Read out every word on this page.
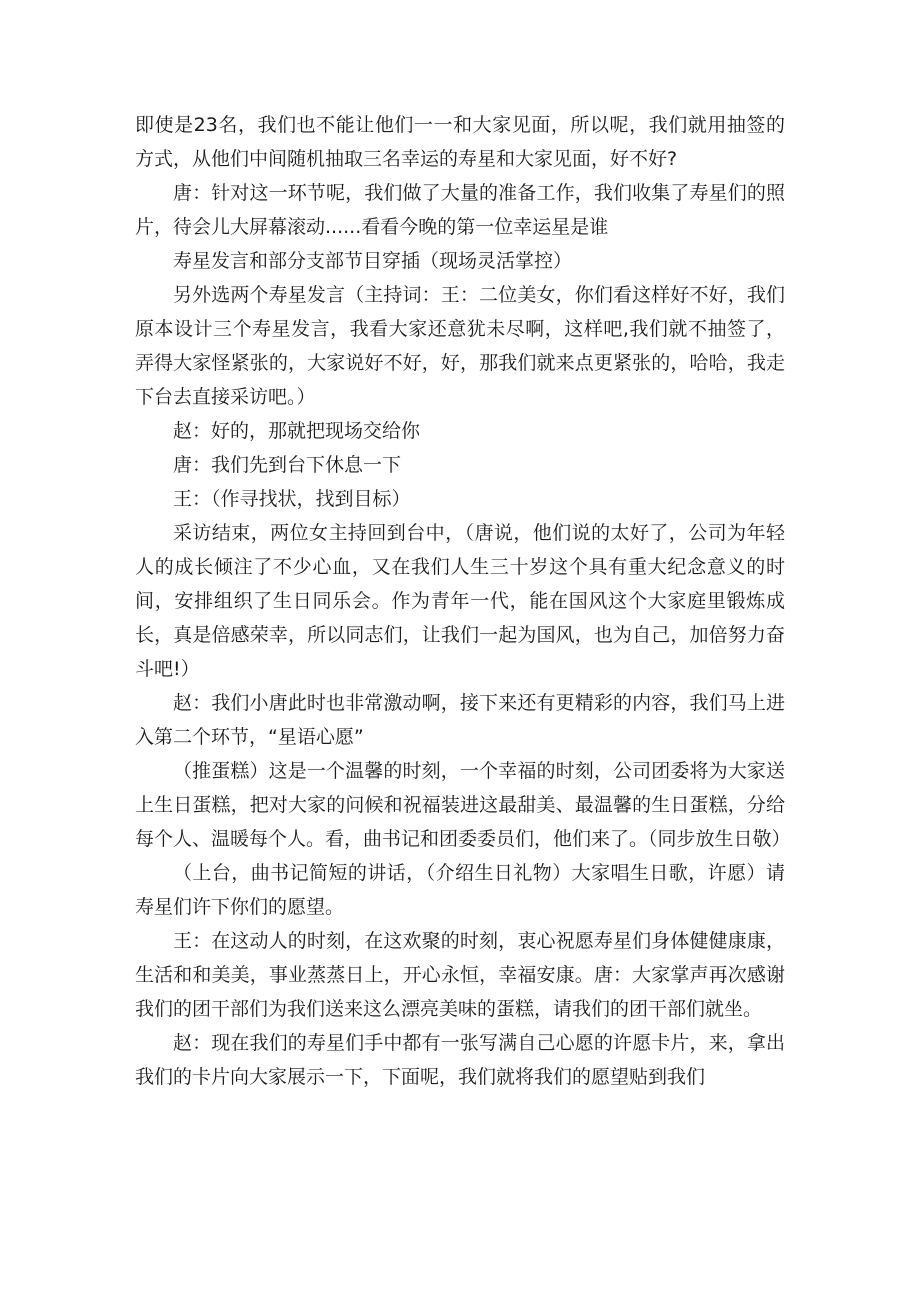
即使是23名，我们也不能让他们一一和大家见面，所以呢，我们就用抽签的方式，从他们中间随机抽取三名幸运的寿星和大家见面，好不好?

唐：针对这一环节呢，我们做了大量的准备工作，我们收集了寿星们的照片，待会儿大屏幕滚动......看看今晚的第一位幸运星是谁

寿星发言和部分支部节目穿插（现场灵活掌控）

另外选两个寿星发言（主持词：王：二位美女，你们看这样好不好，我们原本设计三个寿星发言，我看大家还意犹未尽啊，这样吧,我们就不抽签了，弄得大家怪紧张的，大家说好不好，好，那我们就来点更紧张的，哈哈，我走下台去直接采访吧。）

赵：好的，那就把现场交给你

唐：我们先到台下休息一下

王：（作寻找状，找到目标）

采访结束，两位女主持回到台中，（唐说，他们说的太好了，公司为年轻人的成长倾注了不少心血，又在我们人生三十岁这个具有重大纪念意义的时间，安排组织了生日同乐会。作为青年一代，能在国风这个大家庭里锻炼成长，真是倍感荣幸，所以同志们，让我们一起为国风，也为自己，加倍努力奋斗吧!）

赵：我们小唐此时也非常激动啊，接下来还有更精彩的内容，我们马上进入第二个环节，“星语心愿”

（推蛋糕）这是一个温馨的时刻，一个幸福的时刻，公司团委将为大家送上生日蛋糕，把对大家的问候和祝福装进这最甜美、最温馨的生日蛋糕，分给每个人、温暖每个人。看，曲书记和团委委员们，他们来了。（同步放生日敬）

（上台，曲书记简短的讲话，（介绍生日礼物）大家唱生日歌，许愿）请寿星们许下你们的愿望。

王：在这动人的时刻，在这欢聚的时刻，衷心祝愿寿星们身体健健康康，生活和和美美，事业蒸蒸日上，开心永恒，幸福安康。唐：大家掌声再次感谢我们的团干部们为我们送来这么漂亮美味的蛋糕，请我们的团干部们就坐。

赵：现在我们的寿星们手中都有一张写满自己心愿的许愿卡片，来，拿出我们的卡片向大家展示一下，下面呢，我们就将我们的愿望贴到我们
